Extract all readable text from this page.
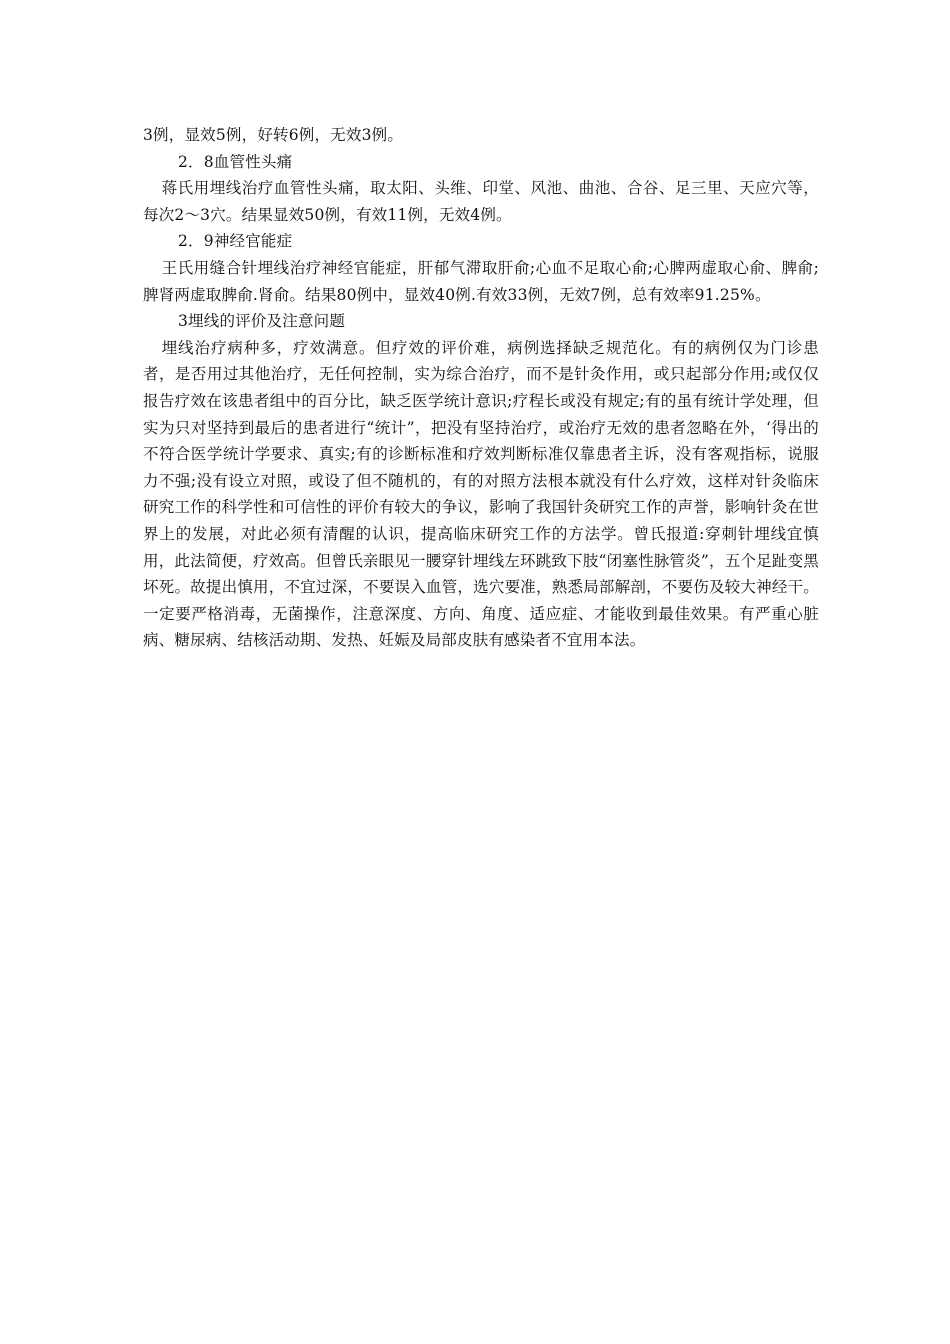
3例，显效5例，好转6例，无效3例。

2．8血管性头痛

蒋氏用埋线治疗血管性头痛，取太阳、头维、印堂、风池、曲池、合谷、足三里、天应穴等，每次2～3穴。结果显效50例，有效11例，无效4例。

2．9神经官能症

王氏用缝合针埋线治疗神经官能症，肝郁气滞取肝俞;心血不足取心俞;心脾两虚取心俞、脾俞;脾肾两虚取脾俞.肾俞。结果80例中，显效40例.有效33例，无效7例，总有效率91.25%。

3埋线的评价及注意问题

埋线治疗病种多，疗效满意。但疗效的评价难，病例选择缺乏规范化。有的病例仅为门诊患者，是否用过其他治疗，无任何控制，实为综合治疗，而不是针灸作用，或只起部分作用;或仅仅报告疗效在该患者组中的百分比，缺乏医学统计意识;疗程长或没有规定;有的虽有统计学处理，但实为只对坚持到最后的患者进行“统计”，把没有坚持治疗，或治疗无效的患者忽略在外，‘得出的不符合医学统计学要求、真实;有的诊断标准和疗效判断标准仅靠患者主诉，没有客观指标，说服力不强;没有设立对照，或设了但不随机的，有的对照方法根本就没有什么疗效，这样对针灸临床研究工作的科学性和可信性的评价有较大的争议，影响了我国针灸研究工作的声誉，影响针灸在世界上的发展，对此必须有清醒的认识，提高临床研究工作的方法学。曾氏报道:穿刺针埋线宜慎用，此法简便，疗效高。但曾氏亲眼见一腰穿针埋线左环跳致下肢“闭塞性脉管炎”，五个足趾变黑坏死。故提出慎用，不宜过深，不要误入血管，选穴要准，熟悉局部解剖，不要伤及较大神经干。一定要严格消毒，无菌操作，注意深度、方向、角度、适应症、才能收到最佳效果。有严重心脏病、糖尿病、结核活动期、发热、妊娠及局部皮肤有感染者不宜用本法。
